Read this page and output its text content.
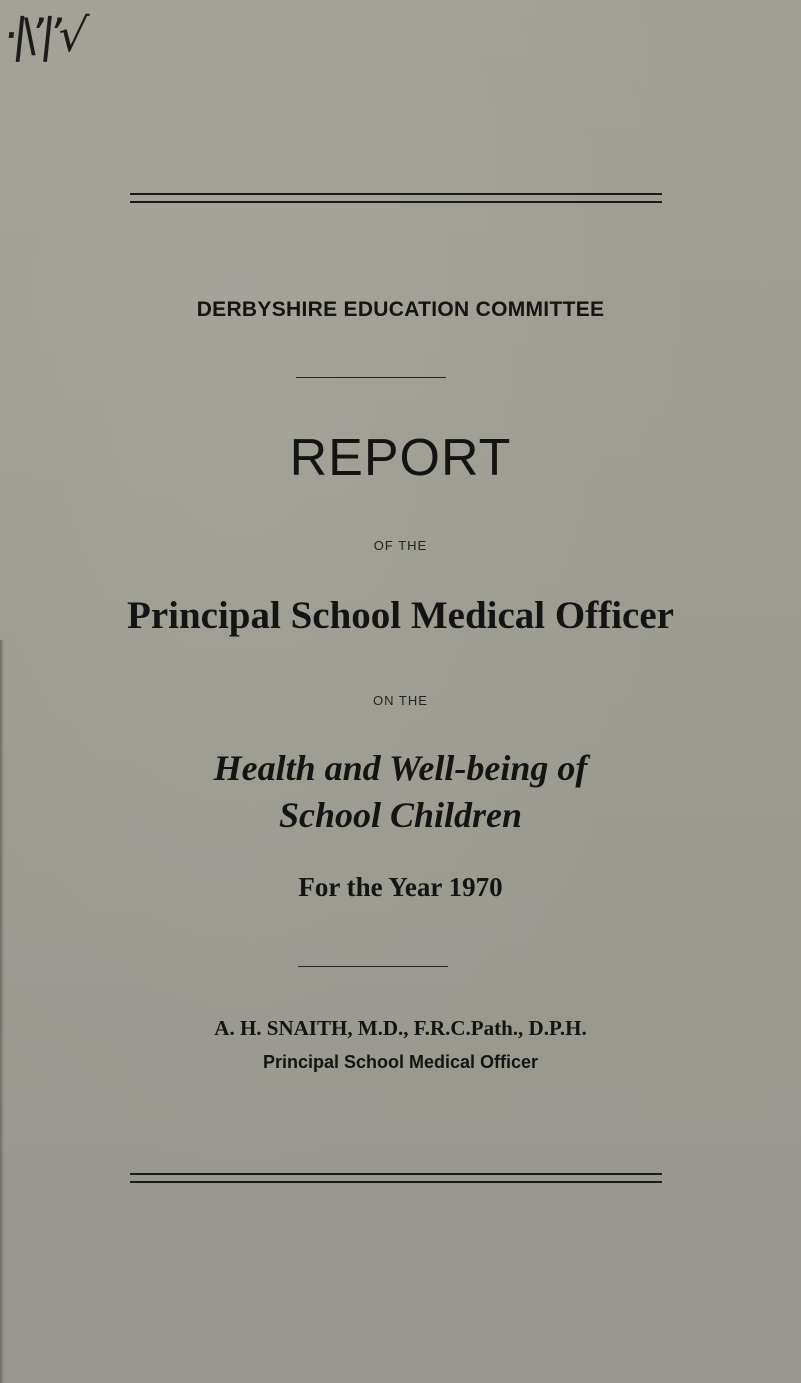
·|\’|’√
DERBYSHIRE EDUCATION COMMITTEE
REPORT
OF THE
Principal School Medical Officer
ON THE
Health and Well-being of
School Children
For the Year 1970
A. H. SNAITH, M.D., F.R.C.Path., D.P.H.
Principal School Medical Officer
